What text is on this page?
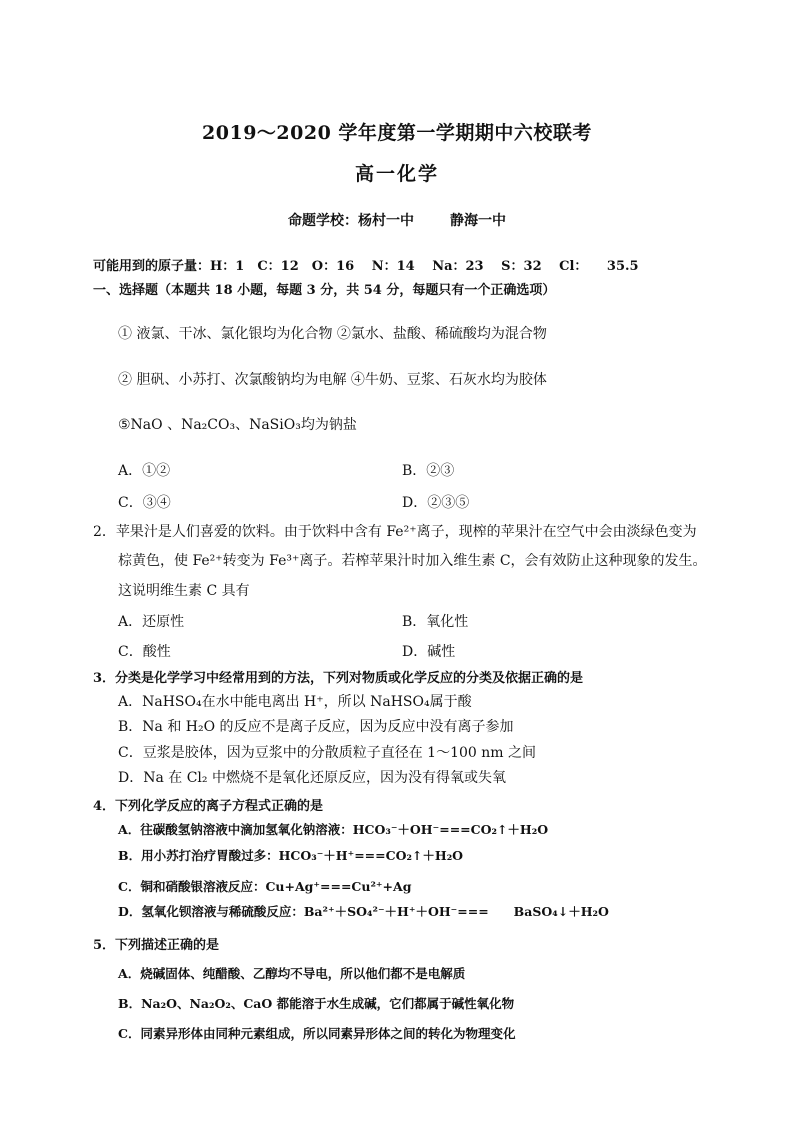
2019～2020 学年度第一学期期中六校联考
高一化学
命题学校：杨村一中	静海一中
可能用到的原子量：H：1　C：12　O：16　 N：14　 Na：23　 S：32　 Cl：　　35.5
一、选择题（本题共 18 小题，每题 3 分，共 54 分，每题只有一个正确选项）
① 液氯、干冰、氯化银均为化合物 ②氯水、盐酸、稀硫酸均为混合物
② 胆矾、小苏打、次氯酸钠均为电解 ④牛奶、豆浆、石灰水均为胶体
⑤NaO 、Na₂CO₃、NaSiO₃均为钠盐
A．①②	B．②③
C．③④	D．②③⑤
2．苹果汁是人们喜爱的饮料。由于饮料中含有 Fe²⁺离子，现榨的苹果汁在空气中会由淡绿色变为
棕黄色，使 Fe²⁺转变为 Fe³⁺离子。若榨苹果汁时加入维生素 C，会有效防止这种现象的发生。
这说明维生素 C 具有
A．还原性	B．氧化性
C．酸性	D．碱性
3．分类是化学学习中经常用到的方法，下列对物质或化学反应的分类及依据正确的是
A．NaHSO₄在水中能电离出 H⁺，所以 NaHSO₄属于酸
B．Na 和 H₂O 的反应不是离子反应，因为反应中没有离子参加
C．豆浆是胶体，因为豆浆中的分散质粒子直径在 1～100 nm 之间
D．Na 在 Cl₂ 中燃烧不是氧化还原反应，因为没有得氧或失氧
4．下列化学反应的离子方程式正确的是
A．往碳酸氢钠溶液中滴加氢氧化钠溶液：HCO₃⁻＋OH⁻===CO₂↑＋H₂O
B．用小苏打治疗胃酸过多：HCO₃⁻＋H⁺===CO₂↑＋H₂O
C．铜和硝酸银溶液反应：Cu+Ag⁺===Cu²⁺+Ag
D．氢氧化钡溶液与稀硫酸反应：Ba²⁺＋SO₄²⁻＋H⁺＋OH⁻===　　BaSO₄↓＋H₂O
5．下列描述正确的是
A．烧碱固体、纯醋酸、乙醇均不导电，所以他们都不是电解质
B．Na₂O、Na₂O₂、CaO 都能溶于水生成碱，它们都属于碱性氧化物
C．同素异形体由同种元素组成，所以同素异形体之间的转化为物理变化
